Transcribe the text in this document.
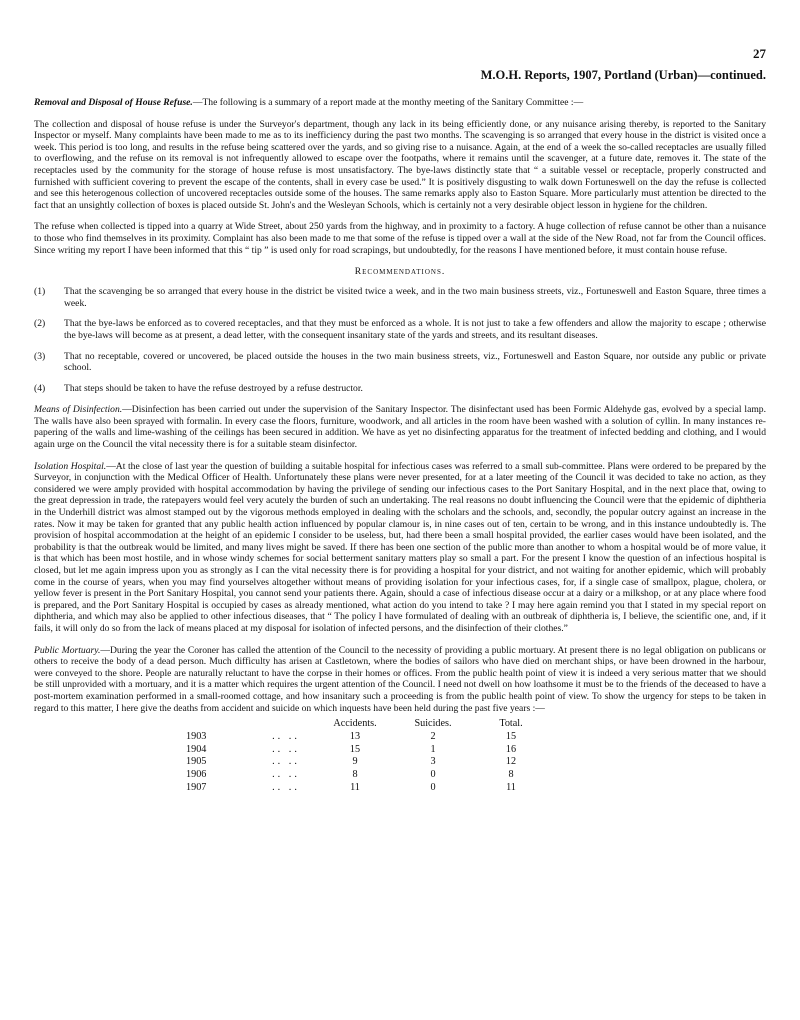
27
M.O.H. Reports, 1907, Portland (Urban)—continued.

Removal and Disposal of House Refuse.—The following is a summary of a report made at the monthy meeting of the Sanitary Committee :—

The collection and disposal of house refuse is under the Surveyor's department, though any lack in its being efficiently done, or any nuisance arising thereby, is reported to the Sanitary Inspector or myself. Many complaints have been made to me as to its inefficiency during the past two months. The scavenging is so arranged that every house in the district is visited once a week. This period is too long, and results in the refuse being scattered over the yards, and so giving rise to a nuisance. Again, at the end of a week the so-called receptacles are usually filled to overflowing, and the refuse on its removal is not infrequently allowed to escape over the footpaths, where it remains until the scavenger, at a future date, removes it. The state of the receptacles used by the community for the storage of house refuse is most unsatisfactory. The bye-laws distinctly state that “ a suitable vessel or receptacle, properly constructed and furnished with sufficient covering to prevent the escape of the contents, shall in every case be used.” It is positively disgusting to walk down Fortuneswell on the day the refuse is collected and see this heterogenous collection of uncovered receptacles outside some of the houses. The same remarks apply also to Easton Square. More particularly must attention be directed to the fact that an unsightly collection of boxes is placed outside St. John's and the Wesleyan Schools, which is certainly not a very desirable object lesson in hygiene for the children.

The refuse when collected is tipped into a quarry at Wide Street, about 250 yards from the highway, and in proximity to a factory. A huge collection of refuse cannot be other than a nuisance to those who find themselves in its proximity. Complaint has also been made to me that some of the refuse is tipped over a wall at the side of the New Road, not far from the Council offices. Since writing my report I have been informed that this “ tip ” is used only for road scrapings, but undoubtedly, for the reasons I have mentioned before, it must contain house refuse.

Recommendations.
(1)	That the scavenging be so arranged that every house in the district be visited twice a week, and in the two main business streets, viz., Fortuneswell and Easton Square, three times a week.
(2)	That the bye-laws be enforced as to covered receptacles, and that they must be enforced as a whole. It is not just to take a few offenders and allow the majority to escape ; otherwise the bye-laws will become as at present, a dead letter, with the consequent insanitary state of the yards and streets, and its resultant diseases.
(3)	That no receptable, covered or uncovered, be placed outside the houses in the two main business streets, viz., Fortuneswell and Easton Square, nor outside any public or private school.
(4)	That steps should be taken to have the refuse destroyed by a refuse destructor.

Means of Disinfection.—Disinfection has been carried out under the supervision of the Sanitary Inspector. The disinfectant used has been Formic Aldehyde gas, evolved by a special lamp. The walls have also been sprayed with formalin. In every case the floors, furniture, woodwork, and all articles in the room have been washed with a solution of cyllin. In many instances re-papering of the walls and lime-washing of the ceilings has been secured in addition. We have as yet no disinfecting apparatus for the treatment of infected bedding and clothing, and I would again urge on the Council the vital necessity there is for a suitable steam disinfector.

Isolation Hospital.—At the close of last year the question of building a suitable hospital for infectious cases was referred to a small sub-committee. Plans were ordered to be prepared by the Surveyor, in conjunction with the Medical Officer of Health. Unfortunately these plans were never presented, for at a later meeting of the Council it was decided to take no action, as they considered we were amply provided with hospital accommodation by having the privilege of sending our infectious cases to the Port Sanitary Hospital, and in the next place that, owing to the great depression in trade, the ratepayers would feel very acutely the burden of such an undertaking. The real reasons no doubt influencing the Council were that the epidemic of diphtheria in the Underhill district was almost stamped out by the vigorous methods employed in dealing with the scholars and the schools, and, secondly, the popular outcry against an increase in the rates. Now it may be taken for granted that any public health action influenced by popular clamour is, in nine cases out of ten, certain to be wrong, and in this instance undoubtedly is. The provision of hospital accommodation at the height of an epidemic I consider to be useless, but, had there been a small hospital provided, the earlier cases would have been isolated, and the probability is that the outbreak would be limited, and many lives might be saved. If there has been one section of the public more than another to whom a hospital would be of more value, it is that which has been most hostile, and in whose windy schemes for social betterment sanitary matters play so small a part. For the present I know the question of an infectious hospital is closed, but let me again impress upon you as strongly as I can the vital necessity there is for providing a hospital for your district, and not waiting for another epidemic, which will probably come in the course of years, when you may find yourselves altogether without means of providing isolation for your infectious cases, for, if a single case of smallpox, plague, cholera, or yellow fever is present in the Port Sanitary Hospital, you cannot send your patients there. Again, should a case of infectious disease occur at a dairy or a milkshop, or at any place where food is prepared, and the Port Sanitary Hospital is occupied by cases as already mentioned, what action do you intend to take ? I may here again remind you that I stated in my special report on diphtheria, and which may also be applied to other infectious diseases, that “ The policy I have formulated of dealing with an outbreak of diphtheria is, I believe, the scientific one, and, if it fails, it will only do so from the lack of means placed at my disposal for isolation of infected persons, and the disinfection of their clothes.”

Public Mortuary.—During the year the Coroner has called the attention of the Council to the necessity of providing a public mortuary. At present there is no legal obligation on publicans or others to receive the body of a dead person. Much difficulty has arisen at Castletown, where the bodies of sailors who have died on merchant ships, or have been drowned in the harbour, were conveyed to the shore. People are naturally reluctant to have the corpse in their homes or offices. From the public health point of view it is indeed a very serious matter that we should be still unprovided with a mortuary, and it is a matter which requires the urgent attention of the Council. I need not dwell on how loathsome it must be to the friends of the deceased to have a post-mortem examination performed in a small-roomed cottage, and how insanitary such a proceeding is from the public health point of view. To show the urgency for steps to be taken in regard to this matter, I here give the deaths from accident and suicide on which inquests have been held during the past five years :—

		Accidents.	Suicides.	Total.
1903	.. ..	13	2	15
1904	.. ..	15	1	16
1905	.. ..	9	3	12
1906	.. ..	8	0	8
1907	.. ..	11	0	11
